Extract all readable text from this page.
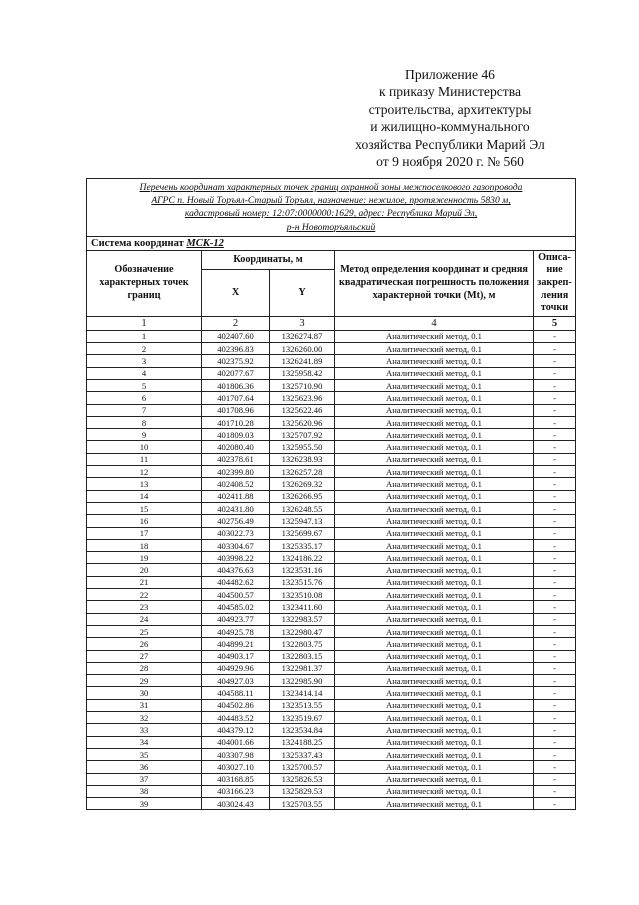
Приложение 46
к приказу Министерства
строительства, архитектуры
и жилищно-коммунального
хозяйства Республики Марий Эл
от 9 ноября 2020 г. № 560
Перечень координат характерных точек границ охранной зоны межпоселкового газопровода
АГРС п. Новый Торъял-Старый Торъял, назначение: нежилое, протяженность 5830 м,
кадастровый номер: 12:07:0000000:1629, адрес: Республика Марий Эл,
р-н Новоторъяльский				

Система координат МСК-12				
Обозначение характерных точек границ	Координаты, м		Метод определения координат и средняя квадратическая погрешность положения характерной точки (Mt), м	Описа-ние закреп-ления точки
	X	Y		
1	2	3	4	5
1	402407.60	1326274.87	Аналитический метод, 0.1	-
2	402396.83	1326260.00	Аналитический метод, 0.1	-
3	402375.92	1326241.89	Аналитический метод, 0.1	-
4	402077.67	1325958.42	Аналитический метод, 0.1	-
5	401806.36	1325710.90	Аналитический метод, 0.1	-
6	401707.64	1325623.96	Аналитический метод, 0.1	-
7	401708.96	1325622.46	Аналитический метод, 0.1	-
8	401710.28	1325620.96	Аналитический метод, 0.1	-
9	401809.03	1325707.92	Аналитический метод, 0.1	-
10	402080.40	1325955.50	Аналитический метод, 0.1	-
11	402378.61	1326238.93	Аналитический метод, 0.1	-
12	402399.80	1326257.28	Аналитический метод, 0.1	-
13	402408.52	1326269.32	Аналитический метод, 0.1	-
14	402411.88	1326266.95	Аналитический метод, 0.1	-
15	402431.80	1326248.55	Аналитический метод, 0.1	-
16	402756.49	1325947.13	Аналитический метод, 0.1	-
17	403022.73	1325699.67	Аналитический метод, 0.1	-
18	403304.67	1325335.17	Аналитический метод, 0.1	-
19	403998.22	1324186.22	Аналитический метод, 0.1	-
20	404376.63	1323531.16	Аналитический метод, 0.1	-
21	404482.62	1323515.76	Аналитический метод, 0.1	-
22	404500.57	1323510.08	Аналитический метод, 0.1	-
23	404585.02	1323411.60	Аналитический метод, 0.1	-
24	404923.77	1322983.57	Аналитический метод, 0.1	-
25	404925.78	1322980.47	Аналитический метод, 0.1	-
26	404899.21	1322803.75	Аналитический метод, 0.1	-
27	404903.17	1322803.15	Аналитический метод, 0.1	-
28	404929.96	1322981.37	Аналитический метод, 0.1	-
29	404927.03	1322985.90	Аналитический метод, 0.1	-
30	404588.11	1323414.14	Аналитический метод, 0.1	-
31	404502.86	1323513.55	Аналитический метод, 0.1	-
32	404483.52	1323519.67	Аналитический метод, 0.1	-
33	404379.12	1323534.84	Аналитический метод, 0.1	-
34	404001.66	1324188.25	Аналитический метод, 0.1	-
35	403307.98	1325337.43	Аналитический метод, 0.1	-
36	403027.10	1325700.57	Аналитический метод, 0.1	-
37	403168.85	1325826.53	Аналитический метод, 0.1	-
38	403166.23	1325829.53	Аналитический метод, 0.1	-
39	403024.43	1325703.55	Аналитический метод, 0.1	-
